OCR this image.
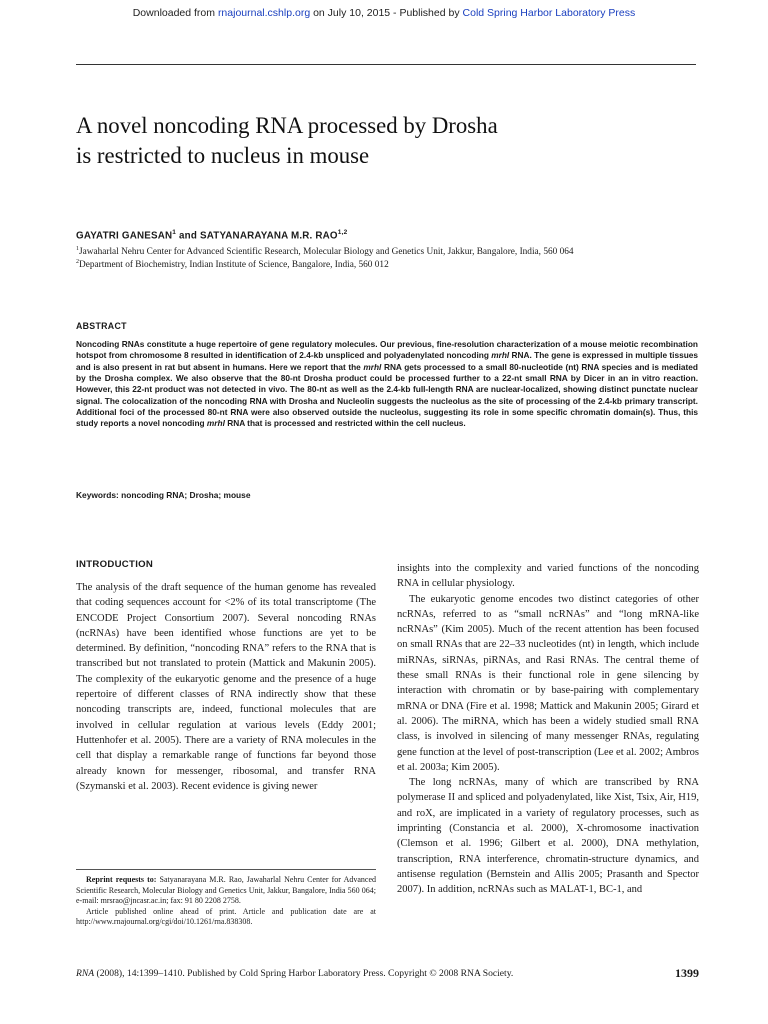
Downloaded from rnajournal.cshlp.org on July 10, 2015 - Published by Cold Spring Harbor Laboratory Press
A novel noncoding RNA processed by Drosha
is restricted to nucleus in mouse
GAYATRI GANESAN$^1$ and SATYANARAYANA M.R. RAO$^{1,2}$
$^1$Jawaharlal Nehru Center for Advanced Scientific Research, Molecular Biology and Genetics Unit, Jakkur, Bangalore, India, 560 064
$^2$Department of Biochemistry, Indian Institute of Science, Bangalore, India, 560 012
ABSTRACT

Noncoding RNAs constitute a huge repertoire of gene regulatory molecules. Our previous, fine-resolution characterization of a mouse meiotic recombination hotspot from chromosome 8 resulted in identification of 2.4-kb unspliced and polyadenylated noncoding mrhl RNA. The gene is expressed in multiple tissues and is also present in rat but absent in humans. Here we report that the mrhl RNA gets processed to a small 80-nucleotide (nt) RNA species and is mediated by the Drosha complex. We also observe that the 80-nt Drosha product could be processed further to a 22-nt small RNA by Dicer in an in vitro reaction. However, this 22-nt product was not detected in vivo. The 80-nt as well as the 2.4-kb full-length RNA are nuclear-localized, showing distinct punctate nuclear signal. The colocalization of the noncoding RNA with Drosha and Nucleolin suggests the nucleolus as the site of processing of the 2.4-kb primary transcript. Additional foci of the processed 80-nt RNA were also observed outside the nucleolus, suggesting its role in some specific chromatin domain(s). Thus, this study reports a novel noncoding mrhl RNA that is processed and restricted within the cell nucleus.

Keywords: noncoding RNA; Drosha; mouse
INTRODUCTION

The analysis of the draft sequence of the human genome has revealed that coding sequences account for <2% of its total transcriptome (The ENCODE Project Consortium 2007). Several noncoding RNAs (ncRNAs) have been identified whose functions are yet to be determined. By definition, “noncoding RNA” refers to the RNA that is transcribed but not translated to protein (Mattick and Makunin 2005). The complexity of the eukaryotic genome and the presence of a huge repertoire of different classes of RNA indirectly show that these noncoding transcripts are, indeed, functional molecules that are involved in cellular regulation at various levels (Eddy 2001; Huttenhofer et al. 2005). There are a variety of RNA molecules in the cell that display a remarkable range of functions far beyond those already known for messenger, ribosomal, and transfer RNA (Szymanski et al. 2003). Recent evidence is giving newer

insights into the complexity and varied functions of the noncoding RNA in cellular physiology.

The eukaryotic genome encodes two distinct categories of other ncRNAs, referred to as “small ncRNAs” and “long mRNA-like ncRNAs” (Kim 2005). Much of the recent attention has been focused on small RNAs that are 22–33 nucleotides (nt) in length, which include miRNAs, siRNAs, piRNAs, and Rasi RNAs. The central theme of these small RNAs is their functional role in gene silencing by interaction with chromatin or by base-pairing with complementary mRNA or DNA (Fire et al. 1998; Mattick and Makunin 2005; Girard et al. 2006). The miRNA, which has been a widely studied small RNA class, is involved in silencing of many messenger RNAs, regulating gene function at the level of post-transcription (Lee et al. 2002; Ambros et al. 2003a; Kim 2005).

The long ncRNAs, many of which are transcribed by RNA polymerase II and spliced and polyadenylated, like Xist, Tsix, Air, H19, and roX, are implicated in a variety of regulatory processes, such as imprinting (Constancia et al. 2000), X-chromosome inactivation (Clemson et al. 1996; Gilbert et al. 2000), DNA methylation, transcription, RNA interference, chromatin-structure dynamics, and antisense regulation (Bernstein and Allis 2005; Prasanth and Spector 2007). In addition, ncRNAs such as MALAT-1, BC-1, and

Reprint requests to: Satyanarayana M.R. Rao, Jawaharlal Nehru Center for Advanced Scientific Research, Molecular Biology and Genetics Unit, Jakkur, Bangalore, India 560 064; e-mail: mrsrao@jncasr.ac.in; fax: 91 80 2208 2758.

Article published online ahead of print. Article and publication date are at http://www.rnajournal.org/cgi/doi/10.1261/rna.838308.

RNA (2008), 14:1399–1410. Published by Cold Spring Harbor Laboratory Press. Copyright © 2008 RNA Society.	1399
